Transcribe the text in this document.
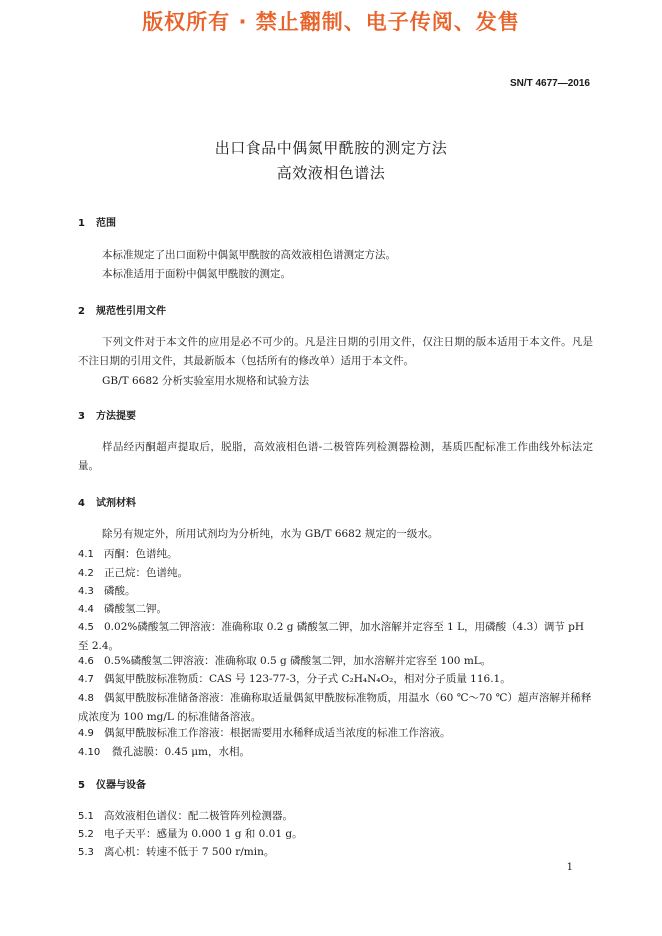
版权所有 · 禁止翻制、电子传阅、发售
SN/T 4677—2016
出口食品中偶氮甲酰胺的测定方法
高效液相色谱法
1 范围
本标准规定了出口面粉中偶氮甲酰胺的高效液相色谱测定方法。
本标准适用于面粉中偶氮甲酰胺的测定。
2 规范性引用文件
下列文件对于本文件的应用是必不可少的。凡是注日期的引用文件，仅注日期的版本适用于本文件。凡是不注日期的引用文件，其最新版本（包括所有的修改单）适用于本文件。
GB/T 6682 分析实验室用水规格和试验方法
3 方法提要
样品经丙酮超声提取后，脱脂，高效液相色谱-二极管阵列检测器检测，基质匹配标准工作曲线外标法定量。
4 试剂材料
除另有规定外，所用试剂均为分析纯，水为 GB/T 6682 规定的一级水。
4.1 丙酮：色谱纯。
4.2 正己烷：色谱纯。
4.3 磷酸。
4.4 磷酸氢二钾。
4.5 0.02%磷酸氢二钾溶液：准确称取 0.2 g 磷酸氢二钾，加水溶解并定容至 1 L，用磷酸（4.3）调节 pH 至 2.4。
4.6 0.5%磷酸氢二钾溶液：准确称取 0.5 g 磷酸氢二钾，加水溶解并定容至 100 mL。
4.7 偶氮甲酰胺标准物质：CAS 号 123-77-3，分子式 C₂H₄N₄O₂，相对分子质量 116.1。
4.8 偶氮甲酰胺标准储备溶液：准确称取适量偶氮甲酰胺标准物质，用温水（60 ℃～70 ℃）超声溶解并稀释成浓度为 100 mg/L 的标准储备溶液。
4.9 偶氮甲酰胺标准工作溶液：根据需要用水稀释成适当浓度的标准工作溶液。
4.10 微孔滤膜：0.45 μm，水相。
5 仪器与设备
5.1 高效液相色谱仪：配二极管阵列检测器。
5.2 电子天平：感量为 0.000 1 g 和 0.01 g。
5.3 离心机：转速不低于 7 500 r/min。
1
